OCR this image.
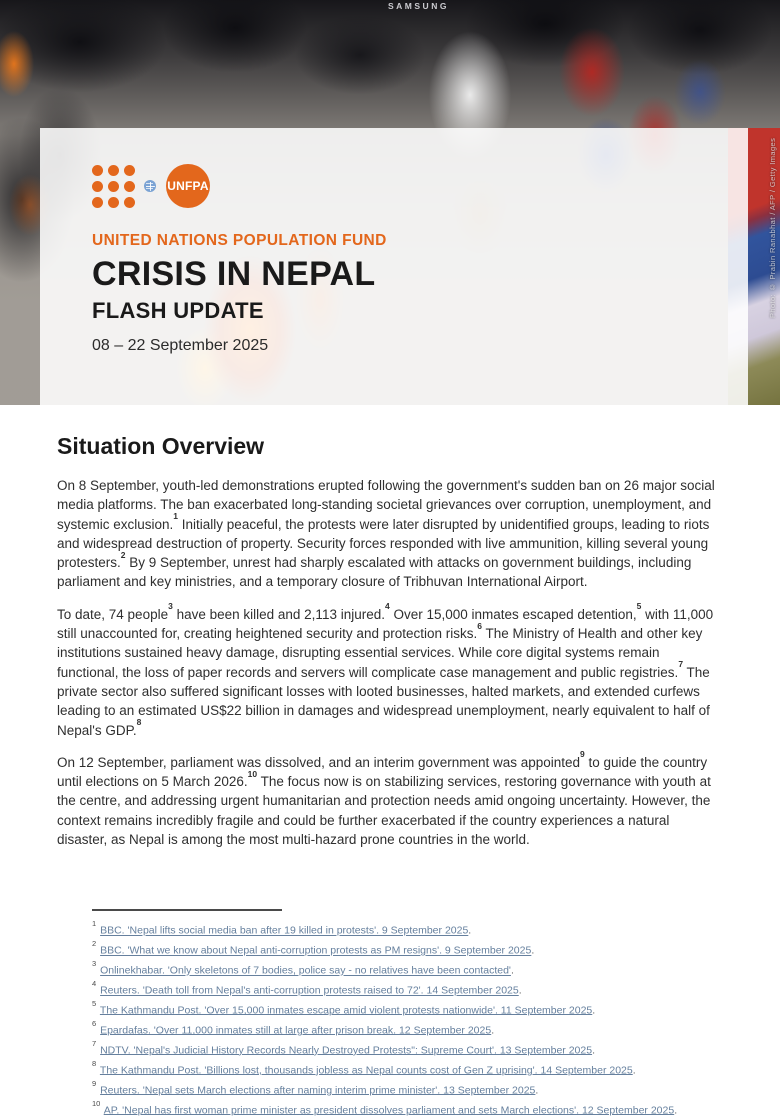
SAMSUNG
Photo: © Prabin Ranabhat / AFP / Getty Images
UNFPA
UNITED NATIONS POPULATION FUND
CRISIS IN NEPAL
FLASH UPDATE
08 – 22 September 2025
Situation Overview

On 8 September, youth-led demonstrations erupted following the government's sudden ban on 26 major social media platforms. The ban exacerbated long-standing societal grievances over corruption, unemployment, and systemic exclusion.$^1$ Initially peaceful, the protests were later disrupted by unidentified groups, leading to riots and widespread destruction of property. Security forces responded with live ammunition, killing several young protesters.$^2$ By 9 September, unrest had sharply escalated with attacks on government buildings, including parliament and key ministries, and a temporary closure of Tribhuvan International Airport.

To date, 74 people$^3$ have been killed and 2,113 injured.$^4$ Over 15,000 inmates escaped detention,$^5$ with 11,000 still unaccounted for, creating heightened security and protection risks.$^6$ The Ministry of Health and other key institutions sustained heavy damage, disrupting essential services. While core digital systems remain functional, the loss of paper records and servers will complicate case management and public registries.$^7$ The private sector also suffered significant losses with looted businesses, halted markets, and extended curfews leading to an estimated US$22 billion in damages and widespread unemployment, nearly equivalent to half of Nepal's GDP.$^8$

On 12 September, parliament was dissolved, and an interim government was appointed$^9$ to guide the country until elections on 5 March 2026.10 The focus now is on stabilizing services, restoring governance with youth at the centre, and addressing urgent humanitarian and protection needs amid ongoing uncertainty. However, the context remains incredibly fragile and could be further exacerbated if the country experiences a natural disaster, as Nepal is among the most multi-hazard prone countries in the world.

$^1$ BBC. 'Nepal lifts social media ban after 19 killed in protests'. 9 September 2025.
$^2$ BBC. 'What we know about Nepal anti-corruption protests as PM resigns'. 9 September 2025.
$^3$ Onlinekhabar. 'Only skeletons of 7 bodies, police say - no relatives have been contacted'.
$^4$ Reuters. 'Death toll from Nepal's anti-corruption protests raised to 72'. 14 September 2025.
$^5$ The Kathmandu Post. 'Over 15,000 inmates escape amid violent protests nationwide'. 11 September 2025.
$^6$ Epardafas. 'Over 11,000 inmates still at large after prison break. 12 September 2025.
$^7$ NDTV. 'Nepal's Judicial History Records Nearly Destroyed Protests": Supreme Court'. 13 September 2025.
$^8$ The Kathmandu Post. 'Billions lost, thousands jobless as Nepal counts cost of Gen Z uprising'. 14 September 2025.
$^9$ Reuters. 'Nepal sets March elections after naming interim prime minister'. 13 September 2025.
$^{10}$ AP. 'Nepal has first woman prime minister as president dissolves parliament and sets March elections'. 12 September 2025.
